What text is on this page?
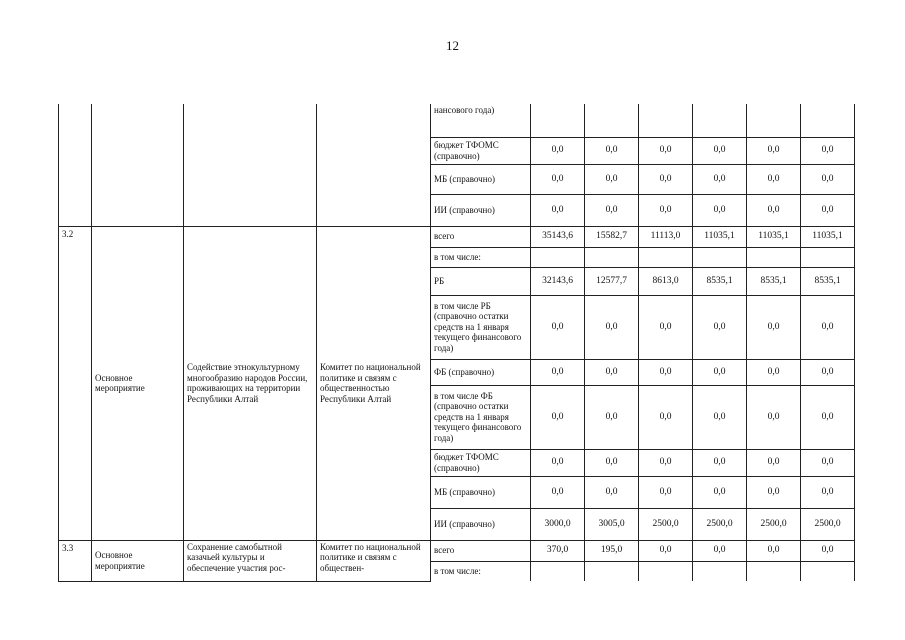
12
				нансового года)						
				бюджет ТФОМС (справочно)	0,0	0,0	0,0	0,0	0,0	0,0
				МБ (справочно)	0,0	0,0	0,0	0,0	0,0	0,0
				ИИ (справочно)	0,0	0,0	0,0	0,0	0,0	0,0
3.2	Основное мероприятие	Содействие этнокультурному многообразию народов России, проживающих на территории Республики Алтай	Комитет по национальной политике и связям с общественностью Республики Алтай	всего	35143,6	15582,7	11113,0	11035,1	11035,1	11035,1
				в том числе:						
				РБ	32143,6	12577,7	8613,0	8535,1	8535,1	8535,1
				в том числе РБ (справочно остатки средств на 1 января текущего финансового года)	0,0	0,0	0,0	0,0	0,0	0,0
				ФБ (справочно)	0,0	0,0	0,0	0,0	0,0	0,0
				в том числе ФБ (справочно остатки средств на 1 января текущего финансового года)	0,0	0,0	0,0	0,0	0,0	0,0
				бюджет ТФОМС (справочно)	0,0	0,0	0,0	0,0	0,0	0,0
				МБ (справочно)	0,0	0,0	0,0	0,0	0,0	0,0
				ИИ (справочно)	3000,0	3005,0	2500,0	2500,0	2500,0	2500,0
3.3	Основное мероприятие	Сохранение самобытной казачьей культуры и обеспечение участия рос-	Комитет по национальной политике и связям с обществен-	всего	370,0	195,0	0,0	0,0	0,0	0,0
				в том числе:						
